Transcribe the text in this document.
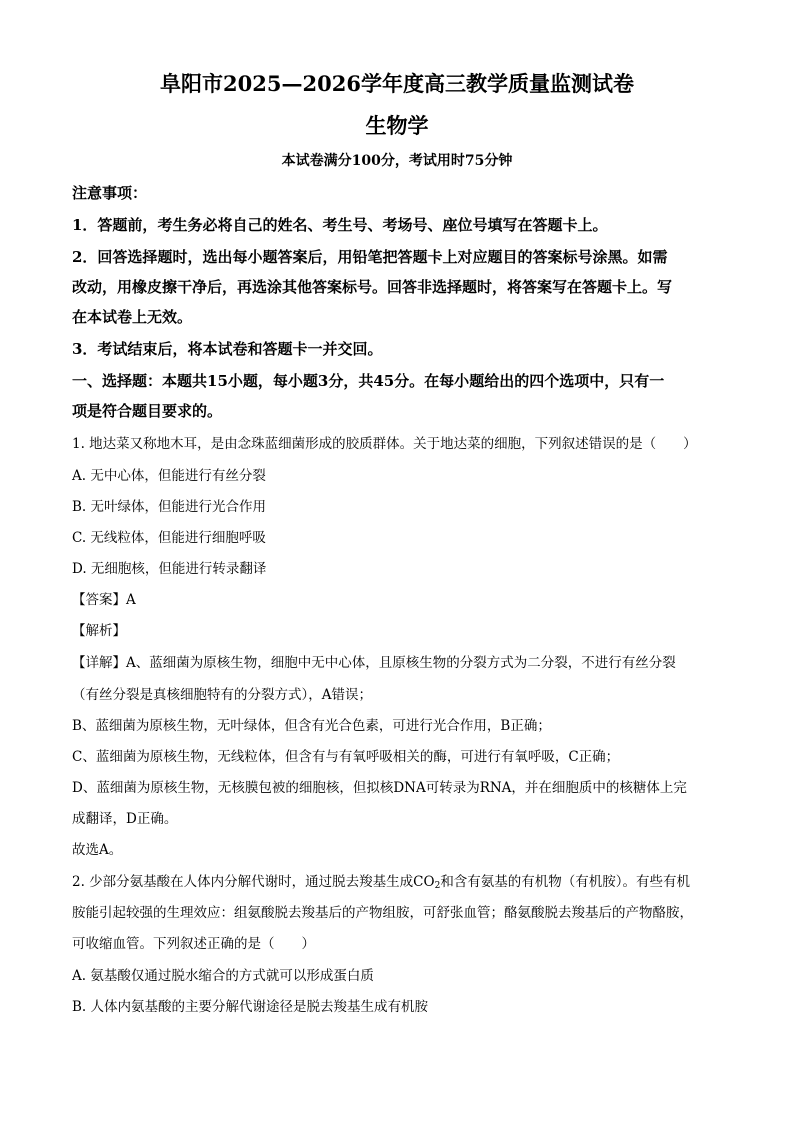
阜阳市2025—2026学年度高三教学质量监测试卷
生物学
本试卷满分100分，考试用时75分钟
注意事项：
1．答题前，考生务必将自己的姓名、考生号、考场号、座位号填写在答题卡上。
2．回答选择题时，选出每小题答案后，用铅笔把答题卡上对应题目的答案标号涂黑。如需
改动，用橡皮擦干净后，再选涂其他答案标号。回答非选择题时，将答案写在答题卡上。写
在本试卷上无效。
3．考试结束后，将本试卷和答题卡一并交回。
一、选择题：本题共15小题，每小题3分，共45分。在每小题给出的四个选项中，只有一
项是符合题目要求的。
1. 地达菜又称地木耳，是由念珠蓝细菌形成的胶质群体。关于地达菜的细胞，下列叙述错误的是（　　）
A. 无中心体，但能进行有丝分裂
B. 无叶绿体，但能进行光合作用
C. 无线粒体，但能进行细胞呼吸
D. 无细胞核，但能进行转录翻译
【答案】A
【解析】
【详解】A、蓝细菌为原核生物，细胞中无中心体，且原核生物的分裂方式为二分裂，不进行有丝分裂
（有丝分裂是真核细胞特有的分裂方式），A错误；
B、蓝细菌为原核生物，无叶绿体，但含有光合色素，可进行光合作用，B正确；
C、蓝细菌为原核生物，无线粒体，但含有与有氧呼吸相关的酶，可进行有氧呼吸，C正确；
D、蓝细菌为原核生物，无核膜包被的细胞核，但拟核DNA可转录为RNA，并在细胞质中的核糖体上完
成翻译，D正确。
故选A。
2. 少部分氨基酸在人体内分解代谢时，通过脱去羧基生成$CO_2$和含有氨基的有机物（有机胺）。有些有机
胺能引起较强的生理效应：组氨酸脱去羧基后的产物组胺，可舒张血管；酪氨酸脱去羧基后的产物酪胺，
可收缩血管。下列叙述正确的是（　　）
A. 氨基酸仅通过脱水缩合的方式就可以形成蛋白质
B. 人体内氨基酸的主要分解代谢途径是脱去羧基生成有机胺
